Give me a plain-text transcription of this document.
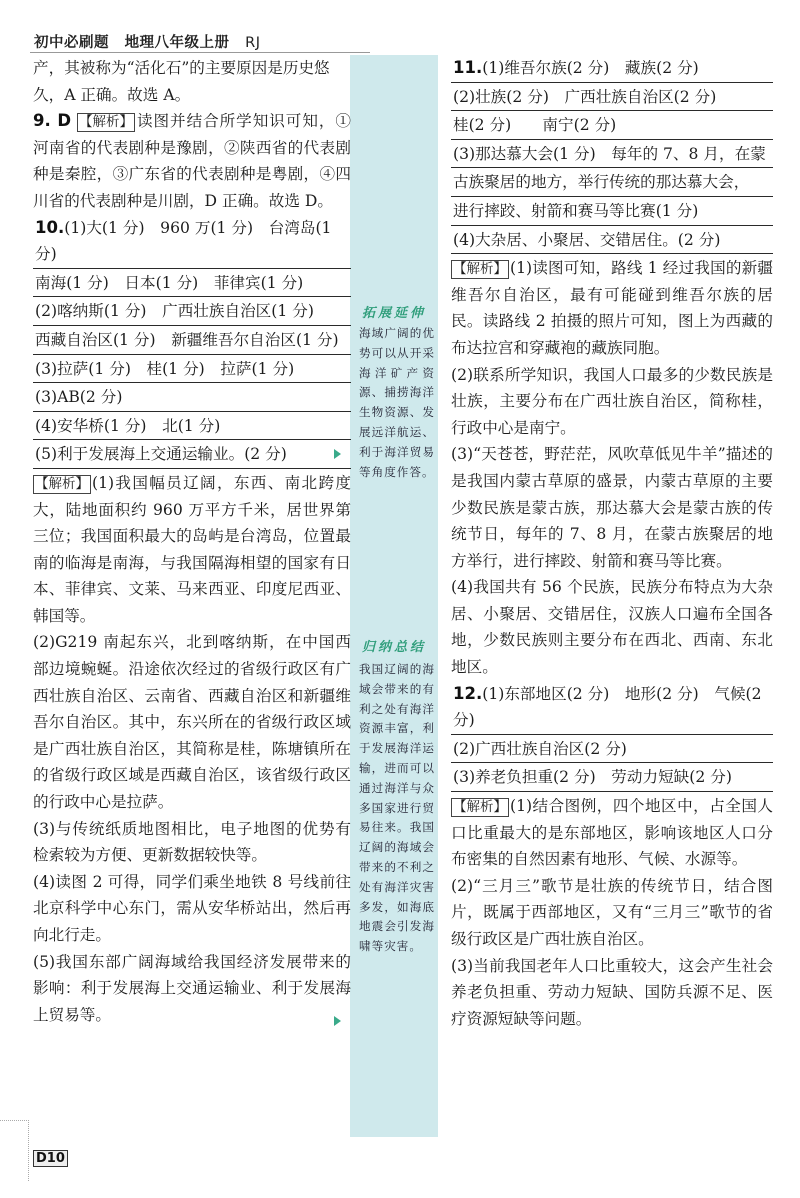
初中必刷题 地理八年级上册 RJ
拓展延伸
海域广阔的优势可以从开采海洋矿产资源、捕捞海洋生物资源、发展远洋航运、利于海洋贸易等角度作答。
归纳总结
我国辽阔的海域会带来的有利之处有海洋资源丰富，利于发展海洋运输，进而可以通过海洋与众多国家进行贸易往来。我国辽阔的海域会带来的不利之处有海洋灾害多发，如海底地震会引发海啸等灾害。

产，其被称为“活化石”的主要原因是历史悠

久，A 正确。故选 A。

9. D 【解析】 读图并结合所学知识可知，①河南省的代表剧种是豫剧，②陕西省的代表剧种是秦腔，③广东省的代表剧种是粤剧，④四川省的代表剧种是川剧，D 正确。故选 D。

10.(1)大(1 分)　960 万(1 分)　台湾岛(1 分)
南海(1 分)　日本(1 分)　菲律宾(1 分)
(2)喀纳斯(1 分)　广西壮族自治区(1 分)
西藏自治区(1 分)　新疆维吾尔自治区(1 分)
(3)拉萨(1 分)　桂(1 分)　拉萨(1 分)
(3)AB(2 分)
(4)安华桥(1 分)　北(1 分)
(5)利于发展海上交通运输业。(2 分)

【解析】 (1)我国幅员辽阔，东西、南北跨度大，陆地面积约 960 万平方千米，居世界第三位；我国面积最大的岛屿是台湾岛，位置最南的临海是南海，与我国隔海相望的国家有日本、菲律宾、文莱、马来西亚、印度尼西亚、韩国等。

(2)G219 南起东兴，北到喀纳斯，在中国西部边境蜿蜒。沿途依次经过的省级行政区有广西壮族自治区、云南省、西藏自治区和新疆维吾尔自治区。其中，东兴所在的省级行政区域是广西壮族自治区，其简称是桂，陈塘镇所在的省级行政区域是西藏自治区，该省级行政区的行政中心是拉萨。

(3)与传统纸质地图相比，电子地图的优势有检索较为方便、更新数据较快等。

(4)读图 2 可得，同学们乘坐地铁 8 号线前往北京科学中心东门，需从安华桥站出，然后再向北行走。

(5)我国东部广阔海域给我国经济发展带来的影响：利于发展海上交通运输业、利于发展海上贸易等。

11.(1)维吾尔族(2 分)　藏族(2 分)
(2)壮族(2 分)　广西壮族自治区(2 分)
桂(2 分)　　南宁(2 分)
(3)那达慕大会(1 分)　每年的 7、8 月，在蒙
古族聚居的地方，举行传统的那达慕大会，
进行摔跤、射箭和赛马等比赛(1 分)
(4)大杂居、小聚居、交错居住。(2 分)

【解析】 (1)读图可知，路线 1 经过我国的新疆维吾尔自治区，最有可能碰到维吾尔族的居民。读路线 2 拍摄的照片可知，图上为西藏的布达拉宫和穿藏袍的藏族同胞。

(2)联系所学知识，我国人口最多的少数民族是壮族，主要分布在广西壮族自治区，简称桂，行政中心是南宁。

(3)“天苍苍，野茫茫，风吹草低见牛羊”描述的是我国内蒙古草原的盛景，内蒙古草原的主要少数民族是蒙古族，那达慕大会是蒙古族的传统节日，每年的 7、8 月，在蒙古族聚居的地方举行，进行摔跤、射箭和赛马等比赛。

(4)我国共有 56 个民族，民族分布特点为大杂居、小聚居、交错居住，汉族人口遍布全国各地，少数民族则主要分布在西北、西南、东北地区。

12.(1)东部地区(2 分)　地形(2 分)　气候(2 分)
(2)广西壮族自治区(2 分)
(3)养老负担重(2 分)　劳动力短缺(2 分)

【解析】 (1)结合图例，四个地区中，占全国人口比重最大的是东部地区，影响该地区人口分布密集的自然因素有地形、气候、水源等。

(2)“三月三”歌节是壮族的传统节日，结合图片，既属于西部地区，又有“三月三”歌节的省级行政区是广西壮族自治区。

(3)当前我国老年人口比重较大，这会产生社会养老负担重、劳动力短缺、国防兵源不足、医疗资源短缺等问题。

D10
